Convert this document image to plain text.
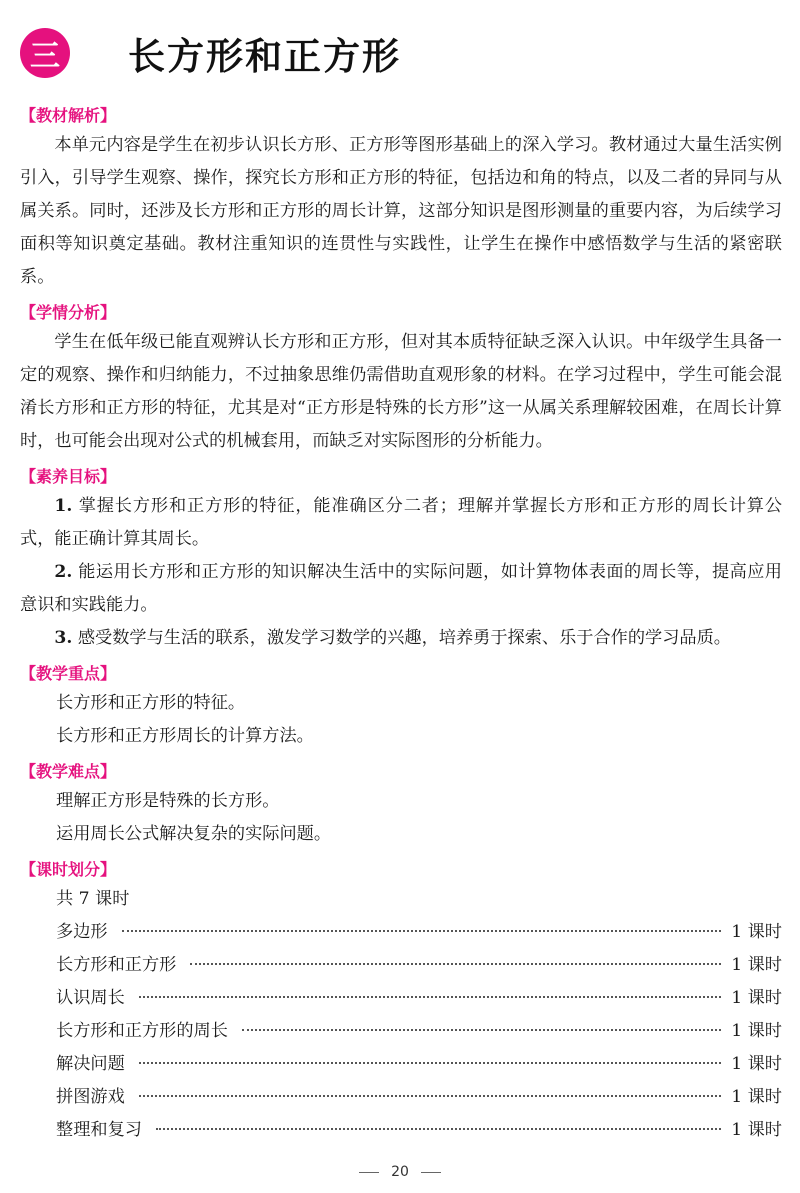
三 长方形和正方形
【教材解析】

本单元内容是学生在初步认识长方形、正方形等图形基础上的深入学习。教材通过大量生活实例引入，引导学生观察、操作，探究长方形和正方形的特征，包括边和角的特点，以及二者的异同与从属关系。同时，还涉及长方形和正方形的周长计算，这部分知识是图形测量的重要内容，为后续学习面积等知识奠定基础。教材注重知识的连贯性与实践性，让学生在操作中感悟数学与生活的紧密联系。

【学情分析】

学生在低年级已能直观辨认长方形和正方形，但对其本质特征缺乏深入认识。中年级学生具备一定的观察、操作和归纳能力，不过抽象思维仍需借助直观形象的材料。在学习过程中，学生可能会混淆长方形和正方形的特征，尤其是对“正方形是特殊的长方形”这一从属关系理解较困难，在周长计算时，也可能会出现对公式的机械套用，而缺乏对实际图形的分析能力。

【素养目标】

1. 掌握长方形和正方形的特征，能准确区分二者；理解并掌握长方形和正方形的周长计算公式，能正确计算其周长。

2. 能运用长方形和正方形的知识解决生活中的实际问题，如计算物体表面的周长等，提高应用意识和实践能力。

3. 感受数学与生活的联系，激发学习数学的兴趣，培养勇于探索、乐于合作的学习品质。

【教学重点】
长方形和正方形的特征。
长方形和正方形周长的计算方法。
【教学难点】
理解正方形是特殊的长方形。
运用周长公式解决复杂的实际问题。
【课时划分】
共 7 课时
多边形	1 课时
长方形和正方形	1 课时
认识周长	1 课时
长方形和正方形的周长	1 课时
解决问题	1 课时
拼图游戏	1 课时
整理和复习	1 课时
20
